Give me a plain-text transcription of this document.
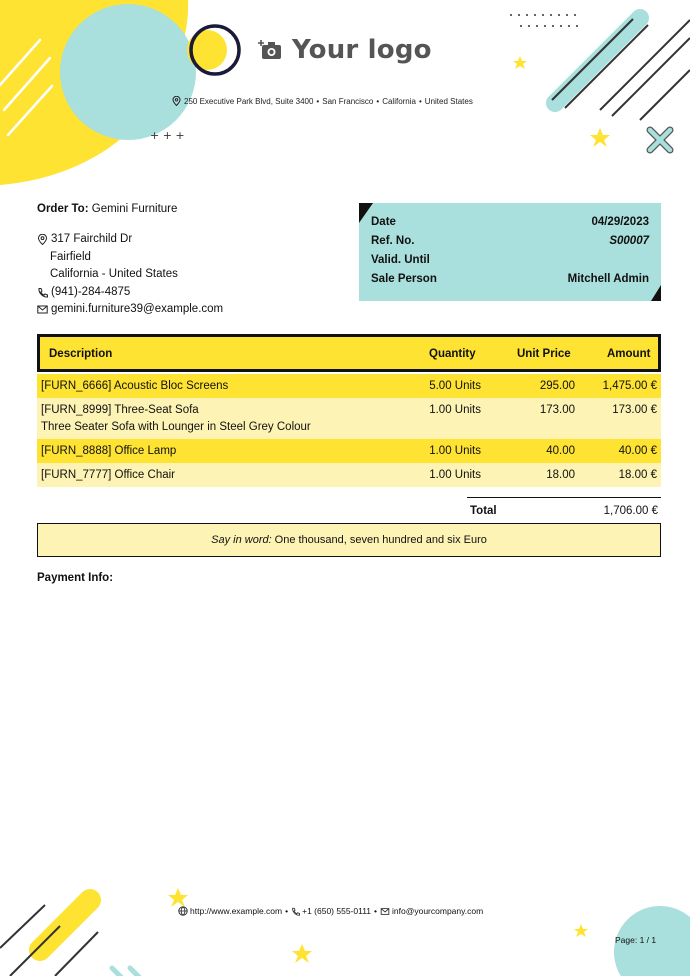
+ + +
Your logo
250 Executive Park Blvd, Suite 3400 • San Francisco • California • United States
Order To: Gemini Furniture
317 Fairchild Dr
Fairfield
California - United States
(941)-284-4875
gemini.furniture39@example.com
Date	04/29/2023
Ref. No.	S00007
Valid. Until
Sale Person	Mitchell Admin
Description	Quantity	Unit Price	Amount
[FURN_6666] Acoustic Bloc Screens	5.00 Units	295.00 1,475.00 €
[FURN_8999] Three-Seat Sofa
Three Seater Sofa with Lounger in Steel Grey Colour
1.00 Units	173.00	173.00 €
[FURN_8888] Office Lamp	1.00 Units	40.00	40.00 €
[FURN_7777] Office Chair	1.00 Units	18.00	18.00 €
Total	1,706.00 €
Say in word: One thousand, seven hundred and six Euro
Payment Info:
http://www.example.com • +1 (650) 555-0111 • info@yourcompany.com
Page: 1 / 1
